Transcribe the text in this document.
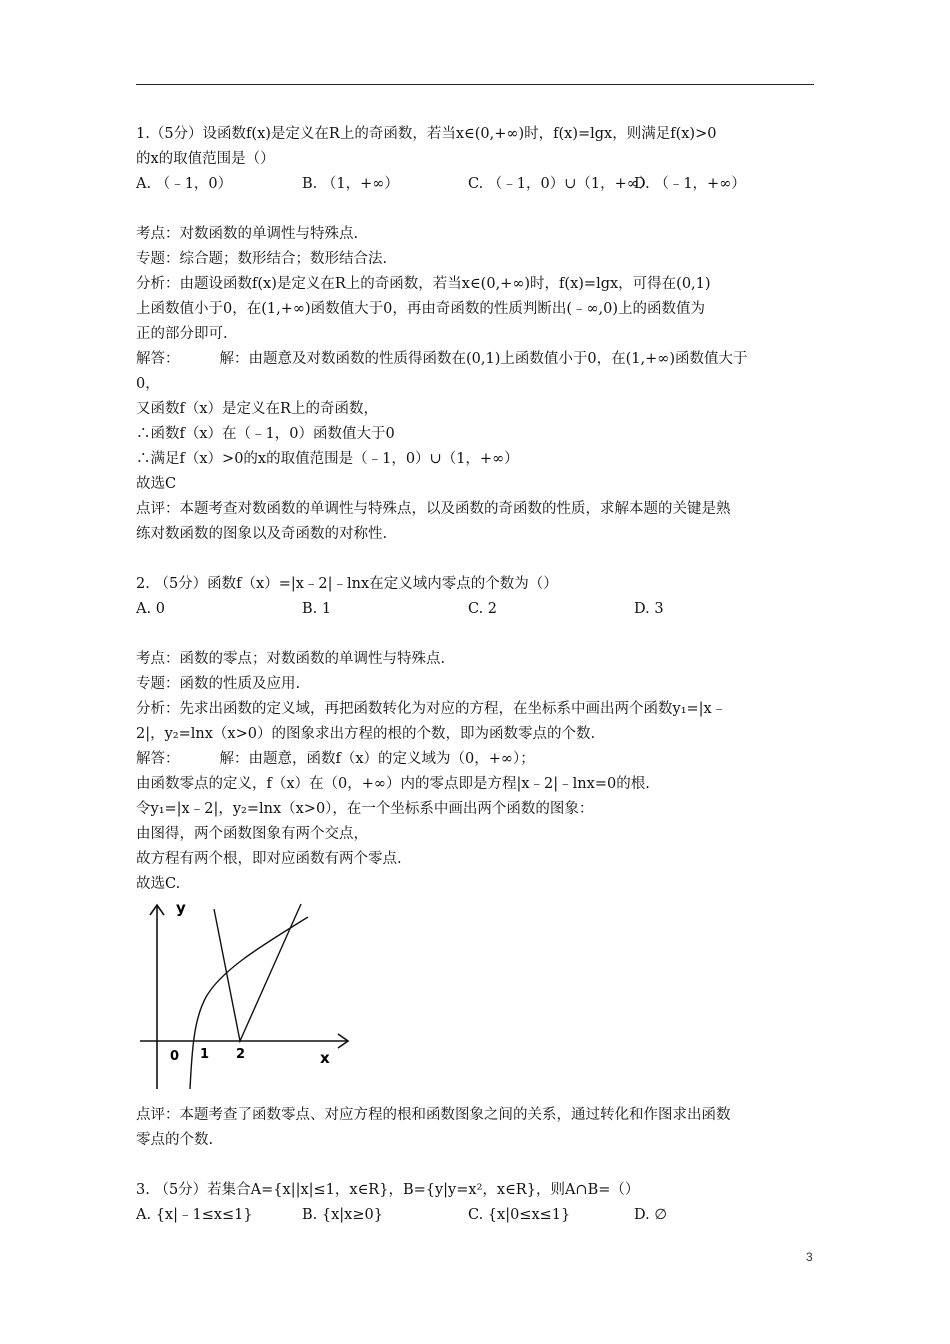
1.（5分）设函数f(x)是定义在R上的奇函数，若当x∈(0,+∞)时，f(x)=lgx，则满足f(x)>0
的x的取值范围是（）
A. （﹣1，0）	B. （1，+∞）	C. （﹣1，0）∪（1，+∞）
D. （﹣1，+∞）
考点：对数函数的单调性与特殊点.
专题：综合题；数形结合；数形结合法.
分析：由题设函数f(x)是定义在R上的奇函数，若当x∈(0,+∞)时，f(x)=lgx，可得在(0,1)
上函数值小于0，在(1,+∞)函数值大于0，再由奇函数的性质判断出(﹣∞,0)上的函数值为
正的部分即可.
解答：	解：由题意及对数函数的性质得函数在(0,1)上函数值小于0，在(1,+∞)函数值大于
0，
又函数f（x）是定义在R上的奇函数，
∴函数f（x）在（﹣1，0）函数值大于0
∴满足f（x）>0的x的取值范围是（﹣1，0）∪（1，+∞）
故选C
点评：本题考查对数函数的单调性与特殊点，以及函数的奇函数的性质，求解本题的关键是熟
练对数函数的图象以及奇函数的对称性.
2. （5分）函数f（x）=|x﹣2|﹣lnx在定义域内零点的个数为（）
A. 0	B. 1	C. 2	D. 3
考点：函数的零点；对数函数的单调性与特殊点.
专题：函数的性质及应用.
分析：先求出函数的定义域，再把函数转化为对应的方程，在坐标系中画出两个函数y₁=|x﹣
2|，y₂=lnx（x>0）的图象求出方程的根的个数，即为函数零点的个数.
解答：	解：由题意，函数f（x）的定义域为（0，+∞）；
由函数零点的定义，f（x）在（0，+∞）内的零点即是方程|x﹣2|﹣lnx=0的根.
令y₁=|x﹣2|，y₂=lnx（x>0），在一个坐标系中画出两个函数的图象：
由图得，两个函数图象有两个交点，
故方程有两个根，即对应函数有两个零点.
故选C.
y
x
0 1 2
点评：本题考查了函数零点、对应方程的根和函数图象之间的关系，通过转化和作图求出函数
零点的个数.
3. （5分）若集合A={x||x|≤1，x∈R}，B={y|y=x²，x∈R}，则A∩B=（）
A. {x|﹣1≤x≤1}	B. {x|x≥0}	C. {x|0≤x≤1}	D. ∅
3
